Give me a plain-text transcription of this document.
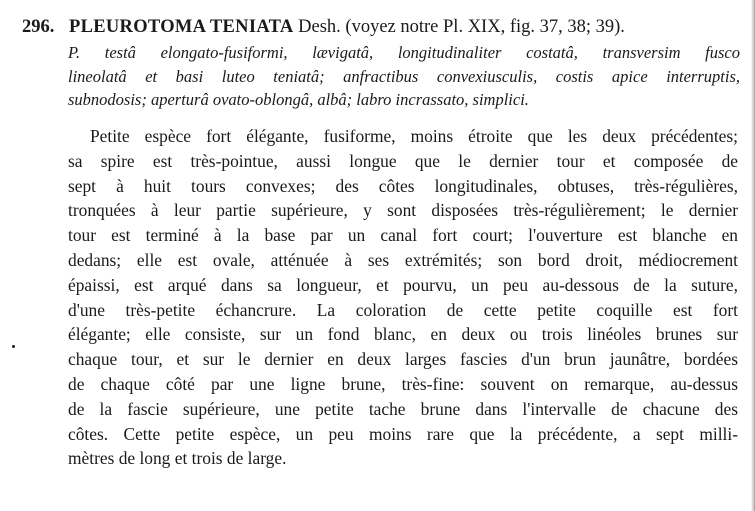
296. PLEUROTOMA TENIATA Desh. (voyez notre Pl. XIX, fig. 37, 38; 39).
P. testâ elongato-fusiformi, lævigatâ, longitudinaliter costatâ, transversim fusco
lineolatâ et basi luteo teniatâ; anfractibus convexiusculis, costis apice interruptis,
subnodosis; aperturâ ovato-oblongâ, albâ; labro incrassato, simplici.
Petite espèce fort élégante, fusiforme, moins étroite que les deux précédentes;
sa spire est très-pointue, aussi longue que le dernier tour et composée de
sept à huit tours convexes; des côtes longitudinales, obtuses, très-régulières,
tronquées à leur partie supérieure, y sont disposées très-régulièrement; le dernier
tour est terminé à la base par un canal fort court; l'ouverture est blanche en
dedans; elle est ovale, atténuée à ses extrémités; son bord droit, médiocrement
épaissi, est arqué dans sa longueur, et pourvu, un peu au-dessous de la suture,
d'une très-petite échancrure. La coloration de cette petite coquille est fort
élégante; elle consiste, sur un fond blanc, en deux ou trois linéoles brunes sur
chaque tour, et sur le dernier en deux larges fascies d'un brun jaunâtre, bordées
de chaque côté par une ligne brune, très-fine: souvent on remarque, au-dessus
de la fascie supérieure, une petite tache brune dans l'intervalle de chacune des
côtes. Cette petite espèce, un peu moins rare que la précédente, a sept milli-
mètres de long et trois de large.
